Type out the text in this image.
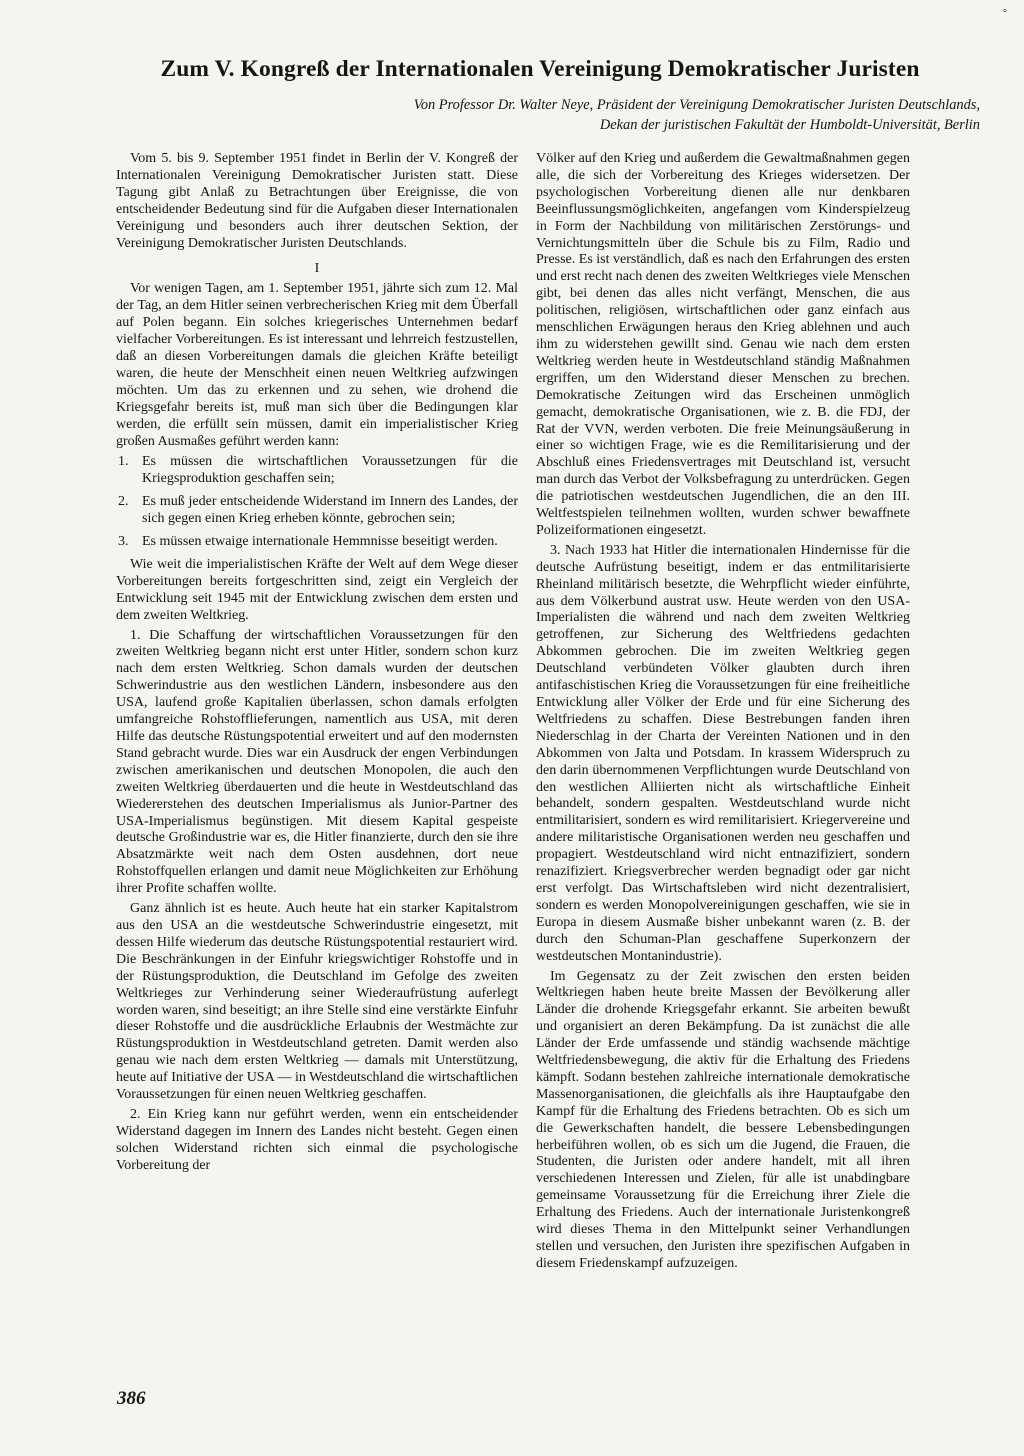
°
Zum V. Kongreß der Internationalen Vereinigung Demokratischer Juristen
Von Professor Dr. Walter Neye, Präsident der Vereinigung Demokratischer Juristen Deutschlands,
Dekan der juristischen Fakultät der Humboldt-Universität, Berlin

Vom 5. bis 9. September 1951 findet in Berlin der V. Kongreß der Internationalen Vereinigung Demokratischer Juristen statt. Diese Tagung gibt Anlaß zu Betrachtungen über Ereignisse, die von entscheidender Bedeutung sind für die Aufgaben dieser Internationalen Vereinigung und besonders auch ihrer deutschen Sektion, der Vereinigung Demokratischer Juristen Deutschlands.

I

Vor wenigen Tagen, am 1. September 1951, jährte sich zum 12. Mal der Tag, an dem Hitler seinen verbrecherischen Krieg mit dem Überfall auf Polen begann. Ein solches kriegerisches Unternehmen bedarf vielfacher Vorbereitungen. Es ist interessant und lehrreich festzustellen, daß an diesen Vorbereitungen damals die gleichen Kräfte beteiligt waren, die heute der Menschheit einen neuen Weltkrieg aufzwingen möchten. Um das zu erkennen und zu sehen, wie drohend die Kriegsgefahr bereits ist, muß man sich über die Bedingungen klar werden, die erfüllt sein müssen, damit ein imperialistischer Krieg großen Ausmaßes geführt werden kann:

1. Es müssen die wirtschaftlichen Voraussetzungen für die Kriegsproduktion geschaffen sein;
2. Es muß jeder entscheidende Widerstand im Innern des Landes, der sich gegen einen Krieg erheben könnte, gebrochen sein;
3. Es müssen etwaige internationale Hemmnisse beseitigt werden.

Wie weit die imperialistischen Kräfte der Welt auf dem Wege dieser Vorbereitungen bereits fortgeschritten sind, zeigt ein Vergleich der Entwicklung seit 1945 mit der Entwicklung zwischen dem ersten und dem zweiten Weltkrieg.

1. Die Schaffung der wirtschaftlichen Voraussetzungen für den zweiten Weltkrieg begann nicht erst unter Hitler, sondern schon kurz nach dem ersten Weltkrieg. Schon damals wurden der deutschen Schwerindustrie aus den westlichen Ländern, insbesondere aus den USA, laufend große Kapitalien überlassen, schon damals erfolgten umfangreiche Rohstofflieferungen, namentlich aus USA, mit deren Hilfe das deutsche Rüstungspotential erweitert und auf den modernsten Stand gebracht wurde. Dies war ein Ausdruck der engen Verbindungen zwischen amerikanischen und deutschen Monopolen, die auch den zweiten Weltkrieg überdauerten und die heute in Westdeutschland das Wiedererstehen des deutschen Imperialismus als Junior-Partner des USA-Imperialismus begünstigen. Mit diesem Kapital gespeiste deutsche Großindustrie war es, die Hitler finanzierte, durch den sie ihre Absatzmärkte weit nach dem Osten ausdehnen, dort neue Rohstoffquellen erlangen und damit neue Möglichkeiten zur Erhöhung ihrer Profite schaffen wollte.

Ganz ähnlich ist es heute. Auch heute hat ein starker Kapitalstrom aus den USA an die westdeutsche Schwerindustrie eingesetzt, mit dessen Hilfe wiederum das deutsche Rüstungspotential restauriert wird. Die Beschränkungen in der Einfuhr kriegswichtiger Rohstoffe und in der Rüstungsproduktion, die Deutschland im Gefolge des zweiten Weltkrieges zur Verhinderung seiner Wiederaufrüstung auferlegt worden waren, sind beseitigt; an ihre Stelle sind eine verstärkte Einfuhr dieser Rohstoffe und die ausdrückliche Erlaubnis der Westmächte zur Rüstungsproduktion in Westdeutschland getreten. Damit werden also genau wie nach dem ersten Weltkrieg — damals mit Unterstützung, heute auf Initiative der USA — in Westdeutschland die wirtschaftlichen Voraussetzungen für einen neuen Weltkrieg geschaffen.

2. Ein Krieg kann nur geführt werden, wenn ein entscheidender Widerstand dagegen im Innern des Landes nicht besteht. Gegen einen solchen Widerstand richten sich einmal die psychologische Vorbereitung der

Völker auf den Krieg und außerdem die Gewaltmaßnahmen gegen alle, die sich der Vorbereitung des Krieges widersetzen. Der psychologischen Vorbereitung dienen alle nur denkbaren Beeinflussungsmöglichkeiten, angefangen vom Kinderspielzeug in Form der Nachbildung von militärischen Zerstörungs- und Vernichtungsmitteln über die Schule bis zu Film, Radio und Presse. Es ist verständlich, daß es nach den Erfahrungen des ersten und erst recht nach denen des zweiten Weltkrieges viele Menschen gibt, bei denen das alles nicht verfängt, Menschen, die aus politischen, religiösen, wirtschaftlichen oder ganz einfach aus menschlichen Erwägungen heraus den Krieg ablehnen und auch ihm zu widerstehen gewillt sind. Genau wie nach dem ersten Weltkrieg werden heute in Westdeutschland ständig Maßnahmen ergriffen, um den Widerstand dieser Menschen zu brechen. Demokratische Zeitungen wird das Erscheinen unmöglich gemacht, demokratische Organisationen, wie z. B. die FDJ, der Rat der VVN, werden verboten. Die freie Meinungsäußerung in einer so wichtigen Frage, wie es die Remilitarisierung und der Abschluß eines Friedensvertrages mit Deutschland ist, versucht man durch das Verbot der Volksbefragung zu unterdrücken. Gegen die patriotischen westdeutschen Jugendlichen, die an den III. Weltfestspielen teilnehmen wollten, wurden schwer bewaffnete Polizeiformationen eingesetzt.

3. Nach 1933 hat Hitler die internationalen Hindernisse für die deutsche Aufrüstung beseitigt, indem er das entmilitarisierte Rheinland militärisch besetzte, die Wehrpflicht wieder einführte, aus dem Völkerbund austrat usw. Heute werden von den USA-Imperialisten die während und nach dem zweiten Weltkrieg getroffenen, zur Sicherung des Weltfriedens gedachten Abkommen gebrochen. Die im zweiten Weltkrieg gegen Deutschland verbündeten Völker glaubten durch ihren antifaschistischen Krieg die Voraussetzungen für eine freiheitliche Entwicklung aller Völker der Erde und für eine Sicherung des Weltfriedens zu schaffen. Diese Bestrebungen fanden ihren Niederschlag in der Charta der Vereinten Nationen und in den Abkommen von Jalta und Potsdam. In krassem Widerspruch zu den darin übernommenen Verpflichtungen wurde Deutschland von den westlichen Alliierten nicht als wirtschaftliche Einheit behandelt, sondern gespalten. Westdeutschland wurde nicht entmilitarisiert, sondern es wird remilitarisiert. Kriegervereine und andere militaristische Organisationen werden neu geschaffen und propagiert. Westdeutschland wird nicht entnazifiziert, sondern renazifiziert. Kriegsverbrecher werden begnadigt oder gar nicht erst verfolgt. Das Wirtschaftsleben wird nicht dezentralisiert, sondern es werden Monopolvereinigungen geschaffen, wie sie in Europa in diesem Ausmaße bisher unbekannt waren (z. B. der durch den Schuman-Plan geschaffene Superkonzern der westdeutschen Montanindustrie).

Im Gegensatz zu der Zeit zwischen den ersten beiden Weltkriegen haben heute breite Massen der Bevölkerung aller Länder die drohende Kriegsgefahr erkannt. Sie arbeiten bewußt und organisiert an deren Bekämpfung. Da ist zunächst die alle Länder der Erde umfassende und ständig wachsende mächtige Weltfriedensbewegung, die aktiv für die Erhaltung des Friedens kämpft. Sodann bestehen zahlreiche internationale demokratische Massenorganisationen, die gleichfalls als ihre Hauptaufgabe den Kampf für die Erhaltung des Friedens betrachten. Ob es sich um die Gewerkschaften handelt, die bessere Lebensbedingungen herbeiführen wollen, ob es sich um die Jugend, die Frauen, die Studenten, die Juristen oder andere handelt, mit all ihren verschiedenen Interessen und Zielen, für alle ist unabdingbare gemeinsame Voraussetzung für die Erreichung ihrer Ziele die Erhaltung des Friedens. Auch der internationale Juristenkongreß wird dieses Thema in den Mittelpunkt seiner Verhandlungen stellen und versuchen, den Juristen ihre spezifischen Aufgaben in diesem Friedenskampf aufzuzeigen.

386
